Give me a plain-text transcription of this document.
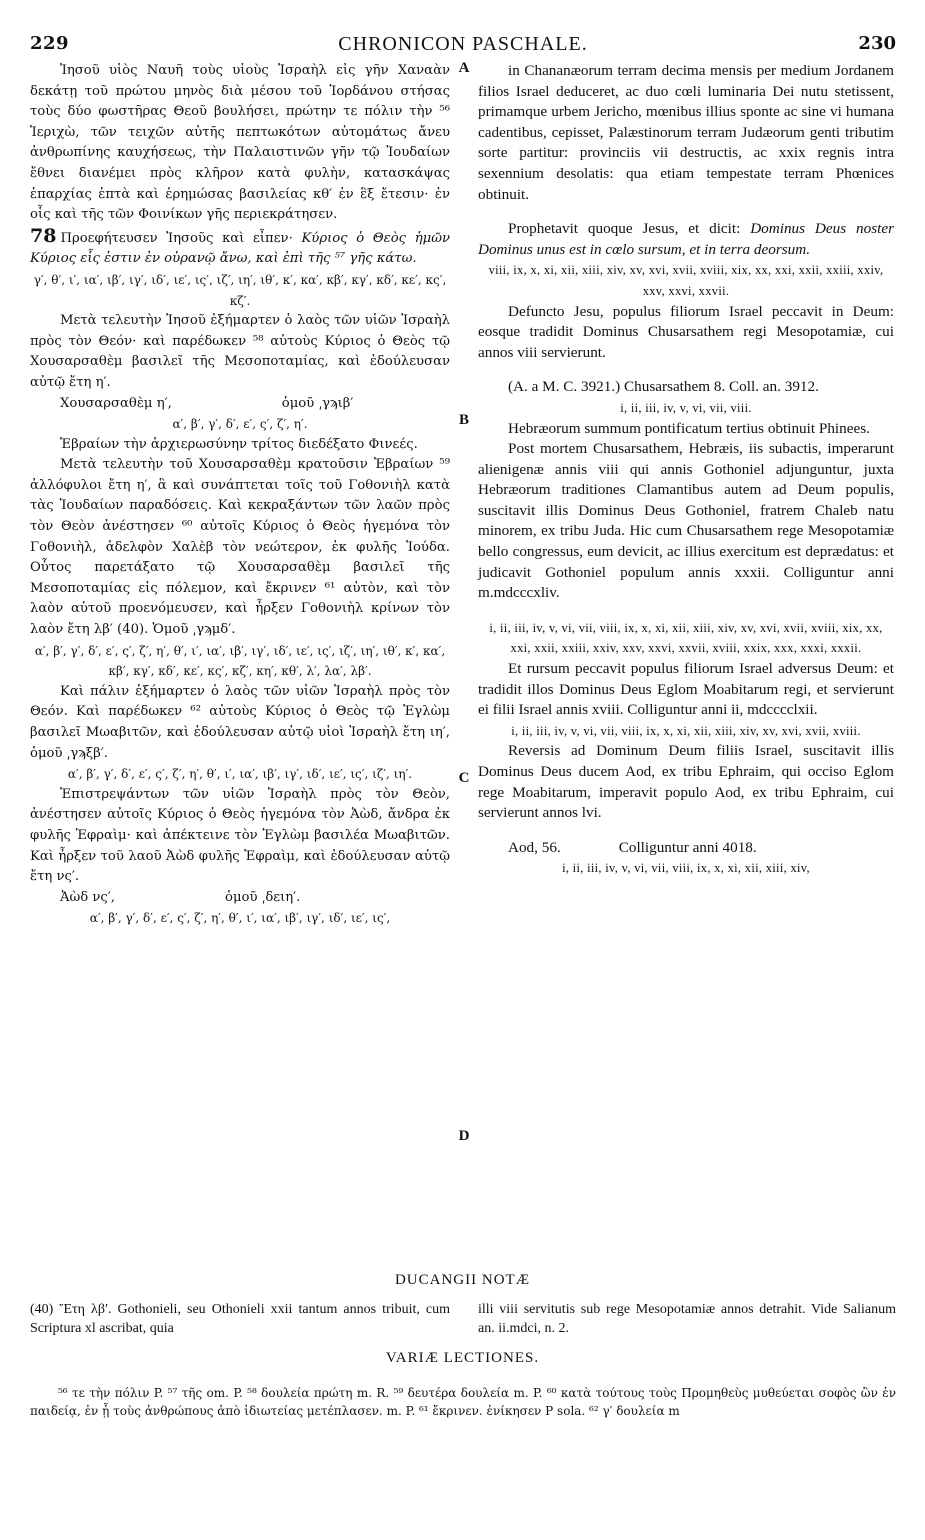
229	CHRONICON PASCHALE.	230

Ἰησοῦ υἱὸς Ναυῆ τοὺς υἱοὺς Ἰσραὴλ εἰς γῆν Χαναὰν δεκάτῃ τοῦ πρώτου μηνὸς διὰ μέσου τοῦ Ἰορδάνου στήσας τοὺς δύο φωστῆρας Θεοῦ βουλήσει, πρώτην τε πόλιν τὴν ⁵⁶ Ἱεριχὼ, τῶν τειχῶν αὐτῆς πεπτωκότων αὐτομάτως ἄνευ ἀνθρωπίνης καυχήσεως, τὴν Παλαιστινῶν γῆν τῷ Ἰουδαίων ἔθνει διανέμει πρὸς κλῆρον κατὰ φυλὴν, κατασκάψας ἐπαρχίας ἑπτὰ καὶ ἐρημώσας βασιλείας κθ′ ἐν ἓξ ἔτεσιν· ἐν οἷς καὶ τῆς τῶν Φοινίκων γῆς περιεκράτησεν.

78 Προεφήτευσεν Ἰησοῦς καὶ εἶπεν· Κύριος ὁ Θεὸς ἡμῶν Κύριος εἷς ἐστιν ἐν οὐρανῷ ἄνω, καὶ ἐπὶ τῆς ⁵⁷ γῆς κάτω.

γ′, θ′, ι′, ια′, ιβ′, ιγ′, ιδ′, ιε′, ις′, ιζ′, ιη′, ιθ′, κ′, κα′, κβ′, κγ′, κδ′, κε′, κς′, κζ′.

Μετὰ τελευτὴν Ἰησοῦ ἐξήμαρτεν ὁ λαὸς τῶν υἱῶν Ἰσραὴλ πρὸς τὸν Θεόν· καὶ παρέδωκεν ⁵⁸ αὐτοὺς Κύριος ὁ Θεὸς τῷ Χουσαρσαθὲμ βασιλεῖ τῆς Μεσοποταμίας, καὶ ἐδούλευσαν αὐτῷ ἔτη η′.

Χουσαρσαθὲμ η′,	ὁμοῦ ͵γϡιβ′

α′, β′, γ′, δ′, ε′, ς′, ζ′, η′.

Ἑβραίων τὴν ἀρχιερωσύνην τρίτος διεδέξατο Φινεές.

Μετὰ τελευτὴν τοῦ Χουσαρσαθὲμ κρατοῦσιν Ἑβραίων ⁵⁹ ἀλλόφυλοι ἔτη η′, ἃ καὶ συνάπτεται τοῖς τοῦ Γοθονιὴλ κατὰ τὰς Ἰουδαίων παραδόσεις. Καὶ κεκραξάντων τῶν λαῶν πρὸς τὸν Θεὸν ἀνέστησεν ⁶⁰ αὐτοῖς Κύριος ὁ Θεὸς ἡγεμόνα τὸν Γοθονιὴλ, ἀδελφὸν Χαλὲβ τὸν νεώτερον, ἐκ φυλῆς Ἰούδα. Οὗτος παρετάξατο τῷ Χουσαρσαθὲμ βασιλεῖ τῆς Μεσοποταμίας εἰς πόλεμον, καὶ ἔκρινεν ⁶¹ αὐτὸν, καὶ τὸν λαὸν αὐτοῦ προενόμευσεν, καὶ ἦρξεν Γοθονιὴλ κρίνων τὸν λαὸν ἔτη λβ′ (40). Ὁμοῦ ͵γϡμδ′.

α′, β′, γ′, δ′, ε′, ς′, ζ′, η′, θ′, ι′, ια′, ιβ′, ιγ′, ιδ′, ιε′, ις′, ιζ′, ιη′, ιθ′, κ′, κα′, κβ′, κγ′, κδ′, κε′, κς′, κζ′, κη′, κθ′, λ′, λα′, λβ′.

Καὶ πάλιν ἐξήμαρτεν ὁ λαὸς τῶν υἱῶν Ἰσραὴλ πρὸς τὸν Θεόν. Καὶ παρέδωκεν ⁶² αὐτοὺς Κύριος ὁ Θεὸς τῷ Ἐγλὼμ βασιλεῖ Μωαβιτῶν, καὶ ἐδούλευσαν αὐτῷ υἱοὶ Ἰσραὴλ ἔτη ιη′, ὁμοῦ ͵γϡξβ′.

α′, β′, γ′, δ′, ε′, ς′, ζ′, η′, θ′, ι′, ια′, ιβ′, ιγ′, ιδ′, ιε′, ις′, ιζ′, ιη′.

Ἐπιστρεψάντων τῶν υἱῶν Ἰσραὴλ πρὸς τὸν Θεὸν, ἀνέστησεν αὐτοῖς Κύριος ὁ Θεὸς ἡγεμόνα τὸν Ἀὼδ, ἄνδρα ἐκ φυλῆς Ἐφραὶμ· καὶ ἀπέκτεινε τὸν Ἐγλὼμ βασιλέα Μωαβιτῶν. Καὶ ἦρξεν τοῦ λαοῦ Ἀὼδ φυλῆς Ἐφραὶμ, καὶ ἐδούλευσαν αὐτῷ ἔτη νς′.

Ἀὼδ νς′,	ὁμοῦ ͵δειη′.

α′, β′, γ′, δ′, ε′, ς′, ζ′, η′, θ′, ι′, ια′, ιβ′, ιγ′, ιδ′, ιε′, ις′,

A
B
C
D

in Chananæorum terram decima mensis per medium Jordanem filios Israel deduceret, ac duo cœli luminaria Dei nutu stetissent, primamque urbem Jericho, mœnibus illius sponte ac sine vi humana cadentibus, cepisset, Palæstinorum terram Judæorum genti tributim sorte partitur: provinciis vii destructis, ac xxix regnis intra sexennium desolatis: qua etiam tempestate terram Phœnices obtinuit.

Prophetavit quoque Jesus, et dicit: Dominus Deus noster Dominus unus est in cœlo sursum, et in terra deorsum.

viii, ix, x, xi, xii, xiii, xiv, xv, xvi, xvii, xviii, xix, xx, xxi, xxii, xxiii, xxiv, xxv, xxvi, xxvii.

Defuncto Jesu, populus filiorum Israel peccavit in Deum: eosque tradidit Dominus Chusarsathem regi Mesopotamiæ, cui annos viii servierunt.

(A. a M. C. 3921.) Chusarsathem 8. Coll. an. 3912.

i, ii, iii, iv, v, vi, vii, viii.

Hebræorum summum pontificatum tertius obtinuit Phinees.

Post mortem Chusarsathem, Hebræis, iis subactis, imperarunt alienigenæ annis viii qui annis Gothoniel adjunguntur, juxta Hebræorum traditiones Clamantibus autem ad Deum populis, suscitavit illis Dominus Deus Gothoniel, fratrem Chaleb natu minorem, ex tribu Juda. Hic cum Chusarsathem rege Mesopotamiæ bello congressus, eum devicit, ac illius exercitum est deprædatus: et judicavit Gothoniel populum annis xxxii. Colliguntur anni m.mdcccxliv.

i, ii, iii, iv, v, vi, vii, viii, ix, x, xi, xii, xiii, xiv, xv, xvi, xvii, xviii, xix, xx, xxi, xxii, xxiii, xxiv, xxv, xxvi, xxvii, xviii, xxix, xxx, xxxi, xxxii.

Et rursum peccavit populus filiorum Israel adversus Deum: et tradidit illos Dominus Deus Eglom Moabitarum regi, et servierunt ei filii Israel annis xviii. Colliguntur anni ii, mdcccclxii.

i, ii, iii, iv, v, vi, vii, viii, ix, x, xi, xii, xiii, xiv, xv, xvi, xvii, xviii.

Reversis ad Dominum Deum filiis Israel, suscitavit illis Dominus Deus ducem Aod, ex tribu Ephraim, qui occiso Eglom rege Moabitarum, imperavit populo Aod, ex tribu Ephraim, cui servierunt annos lvi.

Aod, 56.	Colliguntur anni 4018.

i, ii, iii, iv, v, vi, vii, viii, ix, x, xi, xii, xiii, xiv,

DUCANGII NOTÆ
(40) Ἔτη λβ′. Gothonieli, seu Othonieli xxii tantum annos tribuit, cum Scriptura xl ascribat, quia
illi viii servitutis sub rege Mesopotamiæ annos detrahit. Vide Salianum an. ii.mdci, n. 2.
VARIÆ LECTIONES.
⁵⁶ τε τὴν πόλιν P. ⁵⁷ τῆς om. P. ⁵⁸ δουλεία πρώτη m. R. ⁵⁹ δευτέρα δουλεία m. P. ⁶⁰ κατὰ τούτους τοὺς Προμηθεὺς μυθεύεται σοφὸς ὢν ἐν παιδείᾳ, ἐν ᾗ τοὺς ἀνθρώπους ἀπὸ ἰδιωτείας μετέπλασεν. m. P. ⁶¹ ἔκρινεν. ἐνίκησεν P sola. ⁶² γ′ δουλεία m
